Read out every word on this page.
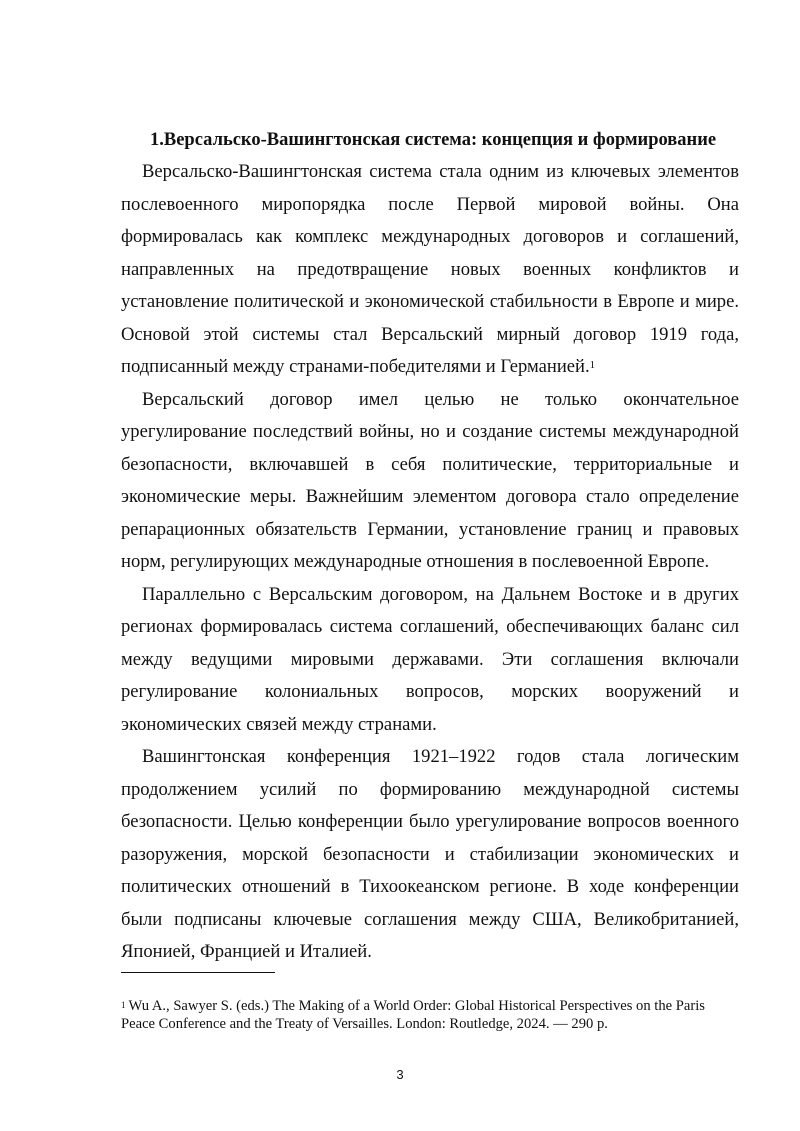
1.Версальско-Вашингтонская система: концепция и формирование

Версальско-Вашингтонская система стала одним из ключевых элементов послевоенного миропорядка после Первой мировой войны. Она формировалась как комплекс международных договоров и соглашений, направленных на предотвращение новых военных конфликтов и установление политической и экономической стабильности в Европе и мире. Основой этой системы стал Версальский мирный договор 1919 года, подписанный между странами-победителями и Германией.$^1$

Версальский договор имел целью не только окончательное урегулирование последствий войны, но и создание системы международной безопасности, включавшей в себя политические, территориальные и экономические меры. Важнейшим элементом договора стало определение репарационных обязательств Германии, установление границ и правовых норм, регулирующих международные отношения в послевоенной Европе.

Параллельно с Версальским договором, на Дальнем Востоке и в других регионах формировалась система соглашений, обеспечивающих баланс сил между ведущими мировыми державами. Эти соглашения включали регулирование колониальных вопросов, морских вооружений и экономических связей между странами.

Вашингтонская конференция 1921–1922 годов стала логическим продолжением усилий по формированию международной системы безопасности. Целью конференции было урегулирование вопросов военного разоружения, морской безопасности и стабилизации экономических и политических отношений в Тихоокеанском регионе. В ходе конференции были подписаны ключевые соглашения между США, Великобританией, Японией, Францией и Италией.

$^1$ Wu A., Sawyer S. (eds.) The Making of a World Order: Global Historical Perspectives on the Paris Peace Conference and the Treaty of Versailles. London: Routledge, 2024. — 290 p.
3
